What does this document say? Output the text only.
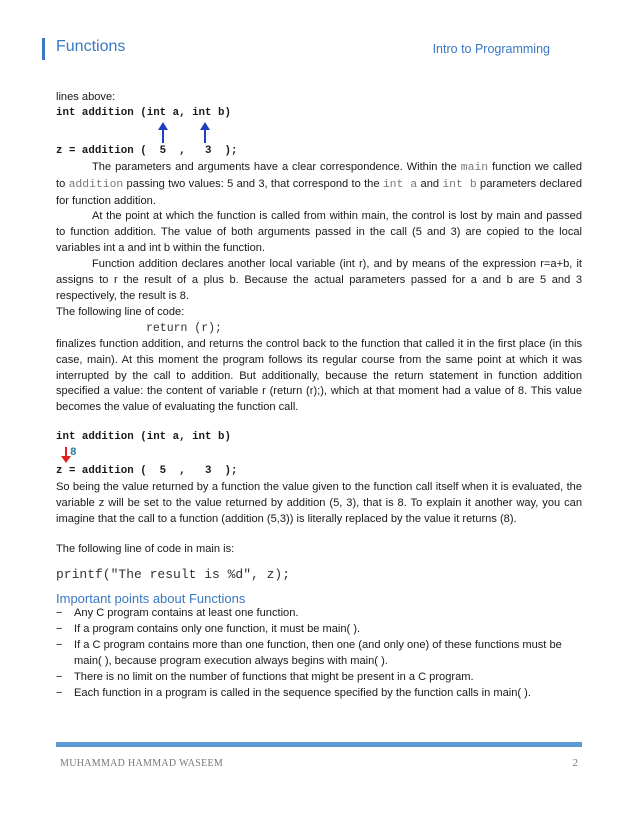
Functions	Intro to Programming

lines above:

int addition (int a, int b)

z = addition (  5  ,   3  );

The parameters and arguments have a clear correspondence. Within the main function we called to addition passing two values: 5 and 3, that correspond to the int a and int b parameters declared for function addition.

At the point at which the function is called from within main, the control is lost by main and passed to function addition. The value of both arguments passed in the call (5 and 3) are copied to the local variables int a and int b within the function.

Function addition declares another local variable (int r), and by means of the expression r=a+b, it assigns to r the result of a plus b. Because the actual parameters passed for a and b are 5 and 3 respectively, the result is 8.

The following line of code:

return (r);

finalizes function addition, and returns the control back to the function that called it in the first place (in this case, main). At this moment the program follows its regular course from the same point at which it was interrupted by the call to addition. But additionally, because the return statement in function addition specified a value: the content of variable r (return (r);), which at that moment had a value of 8. This value becomes the value of evaluating the function call.

int addition (int a, int b)

8

z = addition (  5  ,   3  );

So being the value returned by a function the value given to the function call itself when it is evaluated, the variable z will be set to the value returned by addition (5, 3), that is 8. To explain it another way, you can imagine that the call to a function (addition (5,3)) is literally replaced by the value it returns (8).

The following line of code in main is:

printf("The result is %d", z);

Important points about Functions

− Any C program contains at least one function.
− If a program contains only one function, it must be main( ).
− If a C program contains more than one function, then one (and only one) of these functions must be main( ), because program execution always begins with main( ).
− There is no limit on the number of functions that might be present in a C program.
− Each function in a program is called in the sequence specified by the function calls in main( ).
MUHAMMAD HAMMAD WASEEM	2
